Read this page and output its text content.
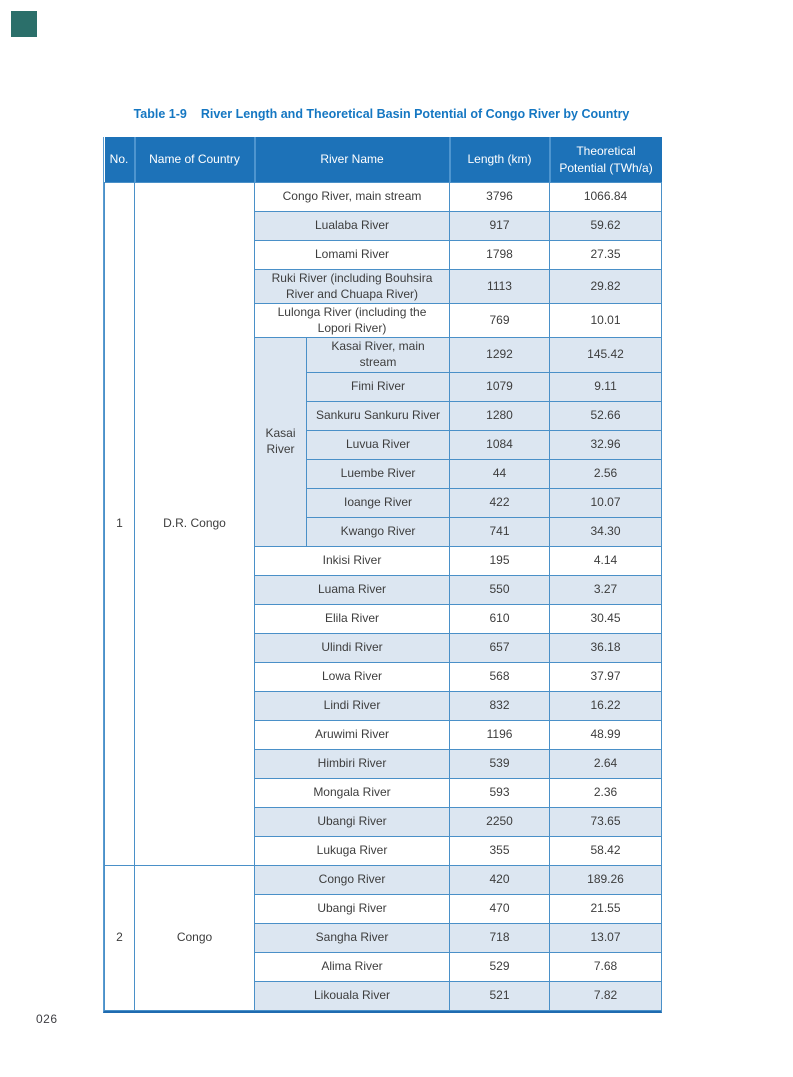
Table 1-9 River Length and Theoretical Basin Potential of Congo River by Country
No.	Name of Country	River Name		Length (km)	Theoretical Potential (TWh/a)
1	D.R. Congo	Congo River, main stream		3796	1066.84
		Lualaba River		917	59.62
		Lomami River		1798	27.35
		Ruki River (including Bouhsira River and Chuapa River)		1113	29.82
		Lulonga River (including the Lopori River)		769	10.01
		Kasai River	Kasai River, main stream	1292	145.42
			Fimi River	1079	9.11
			Sankuru Sankuru River	1280	52.66
			Luvua River	1084	32.96
			Luembe River	44	2.56
			Ioange River	422	10.07
			Kwango River	741	34.30
		Inkisi River		195	4.14
		Luama River		550	3.27
		Elila River		610	30.45
		Ulindi River		657	36.18
		Lowa River		568	37.97
		Lindi River		832	16.22
		Aruwimi River		1196	48.99
		Himbiri River		539	2.64
		Mongala River		593	2.36
		Ubangi River		2250	73.65
		Lukuga River		355	58.42
2	Congo	Congo River		420	189.26
		Ubangi River		470	21.55
		Sangha River		718	13.07
		Alima River		529	7.68
		Likouala River		521	7.82
026
